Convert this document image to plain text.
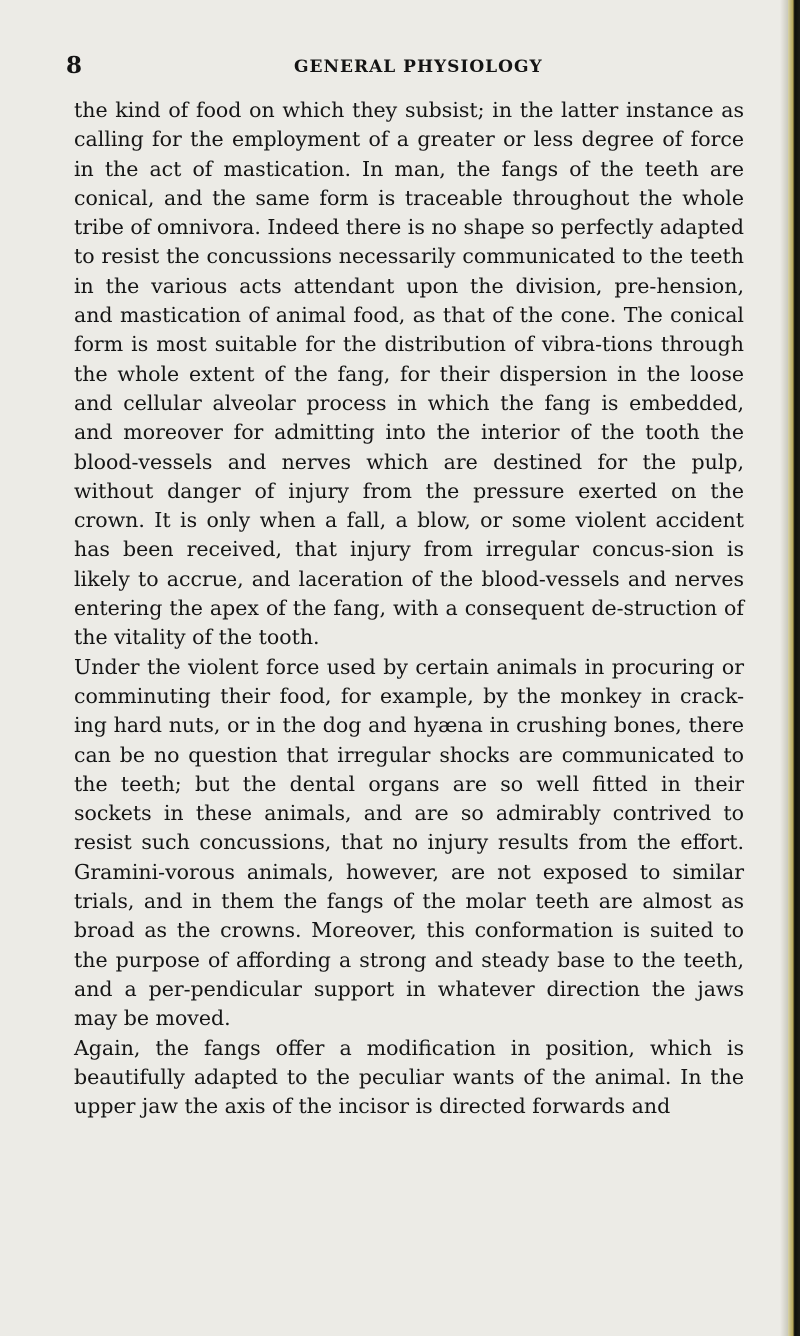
8	GENERAL PHYSIOLOGY

the kind of food on which they subsist; in the latter instance as calling for the employment of a greater or less degree of force in the act of mastication. In man, the fangs of the teeth are conical, and the same form is traceable throughout the whole tribe of omnivora. Indeed there is no shape so perfectly adapted to resist the concussions necessarily communicated to the teeth in the various acts attendant upon the division, pre-hension, and mastication of animal food, as that of the cone. The conical form is most suitable for the distribution of vibra-tions through the whole extent of the fang, for their dispersion in the loose and cellular alveolar process in which the fang is embedded, and moreover for admitting into the interior of the tooth the blood-vessels and nerves which are destined for the pulp, without danger of injury from the pressure exerted on the crown. It is only when a fall, a blow, or some violent accident has been received, that injury from irregular concus-sion is likely to accrue, and laceration of the blood-vessels and nerves entering the apex of the fang, with a consequent de-struction of the vitality of the tooth.

Under the violent force used by certain animals in procuring or comminuting their food, for example, by the monkey in crack-ing hard nuts, or in the dog and hyæna in crushing bones, there can be no question that irregular shocks are communicated to the teeth; but the dental organs are so well fitted in their sockets in these animals, and are so admirably contrived to resist such concussions, that no injury results from the effort. Gramini-vorous animals, however, are not exposed to similar trials, and in them the fangs of the molar teeth are almost as broad as the crowns. Moreover, this conformation is suited to the purpose of affording a strong and steady base to the teeth, and a per-pendicular support in whatever direction the jaws may be moved.

Again, the fangs offer a modification in position, which is beautifully adapted to the peculiar wants of the animal. In the upper jaw the axis of the incisor is directed forwards and
